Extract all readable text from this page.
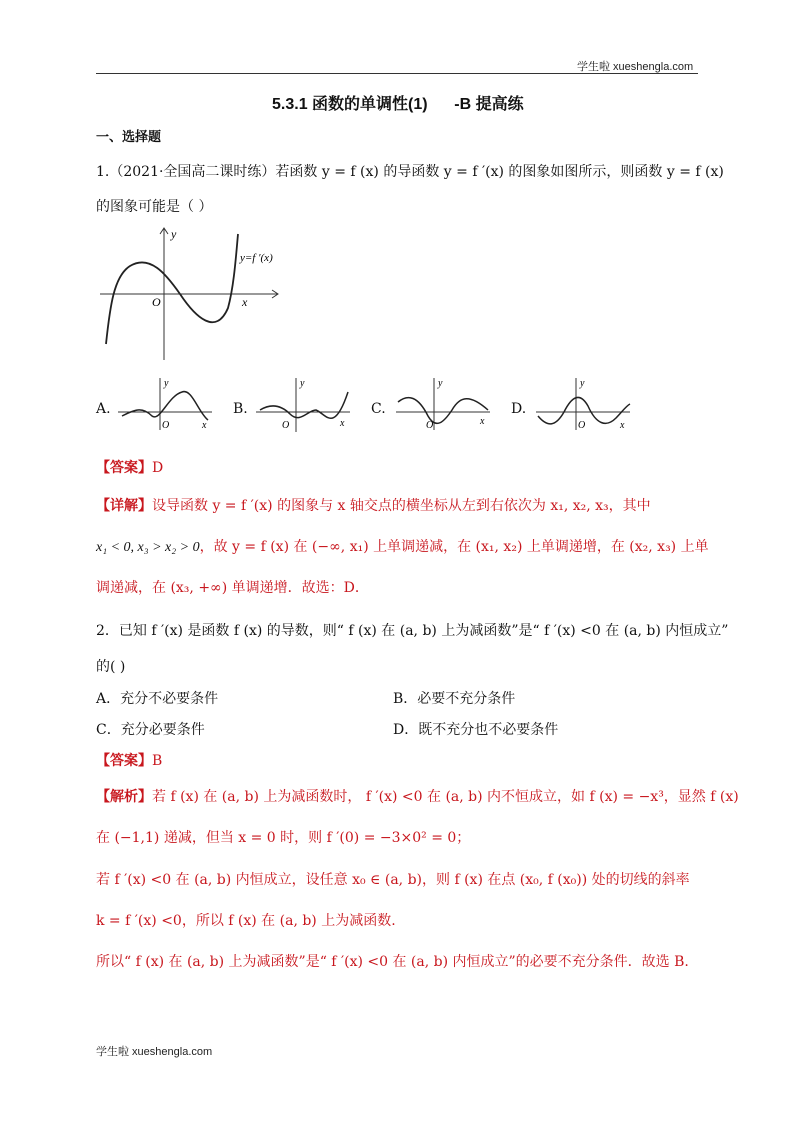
学生啦 xueshengla.com
5.3.1 函数的单调性(1)      -B 提高练
一、选择题
1.（2021·全国高二课时练）若函数 y = f (x) 的导函数 y = f ′(x) 的图象如图所示，则函数 y = f (x)
的图象可能是（ ）
y
x
O
y=f ′(x)
A.
y
x
O
B.
y
x
O
C.
y
x
O
D.
y
x
O
【答案】D
【详解】设导函数 y = f ′(x) 的图象与 x 轴交点的横坐标从左到右依次为 x₁, x₂, x₃，其中
x₁ < 0, x₃ > x₂ > 0，故 y = f (x) 在 (−∞, x₁) 上单调递减，在 (x₁, x₂) 上单调递增，在 (x₂, x₃) 上单
调递减，在 (x₃, +∞) 单调递增．故选：D．
2．已知 f ′(x) 是函数 f (x) 的导数，则“ f (x) 在 (a, b) 上为减函数”是“ f ′(x) <0 在 (a, b) 内恒成立”
的( )
A．充分不必要条件	B．必要不充分条件
C．充分必要条件	D．既不充分也不必要条件
【答案】B
【解析】若 f (x) 在 (a, b) 上为减函数时， f ′(x) <0 在 (a, b) 内不恒成立，如 f (x) = −x³，显然 f (x)
在 (−1,1) 递减，但当 x = 0 时，则 f ′(0) = −3×0² = 0；
若 f ′(x) <0 在 (a, b) 内恒成立，设任意 x₀ ∈ (a, b)，则 f (x) 在点 (x₀, f (x₀)) 处的切线的斜率
k = f ′(x) <0，所以 f (x) 在 (a, b) 上为减函数.
所以“ f (x) 在 (a, b) 上为减函数”是“ f ′(x) <0 在 (a, b) 内恒成立”的必要不充分条件．故选 B.
学生啦 xueshengla.com
